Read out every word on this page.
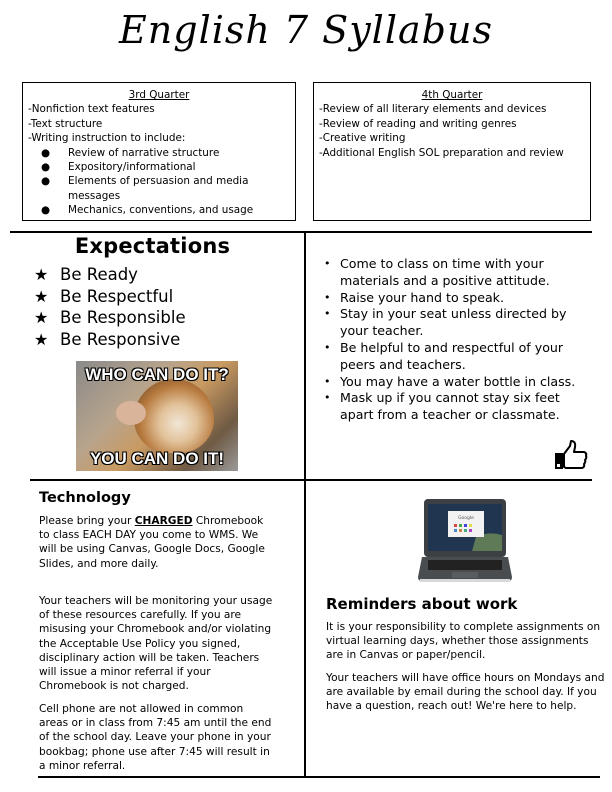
English 7 Syllabus
3rd Quarter
-Nonfiction text features
-Text structure
-Writing instruction to include:
● Review of narrative structure
● Expository/informational
● Elements of persuasion and media messages
● Mechanics, conventions, and usage
4th Quarter
-Review of all literary elements and devices
-Review of reading and writing genres
-Creative writing
-Additional English SOL preparation and review
Expectations
★ Be Ready
★ Be Respectful
★ Be Responsible
★ Be Responsive
WHO CAN DO IT?
YOU CAN DO IT!
• Come to class on time with your materials and a positive attitude.
• Raise your hand to speak.
• Stay in your seat unless directed by your teacher.
• Be helpful to and respectful of your peers and teachers.
• You may have a water bottle in class.
• Mask up if you cannot stay six feet apart from a teacher or classmate.
Technology
Please bring your CHARGED Chromebook to class EACH DAY you come to WMS. We will be using Canvas, Google Docs, Google Slides, and more daily.
Your teachers will be monitoring your usage of these resources carefully. If you are misusing your Chromebook and/or violating the Acceptable Use Policy you signed, disciplinary action will be taken. Teachers will issue a minor referral if your Chromebook is not charged.
Cell phone are not allowed in common areas or in class from 7:45 am until the end of the school day. Leave your phone in your bookbag; phone use after 7:45 will result in a minor referral.
Google
Reminders about work
It is your responsibility to complete assignments on virtual learning days, whether those assignments are in Canvas or paper/pencil.
Your teachers will have office hours on Mondays and are available by email during the school day. If you have a question, reach out! We're here to help.
